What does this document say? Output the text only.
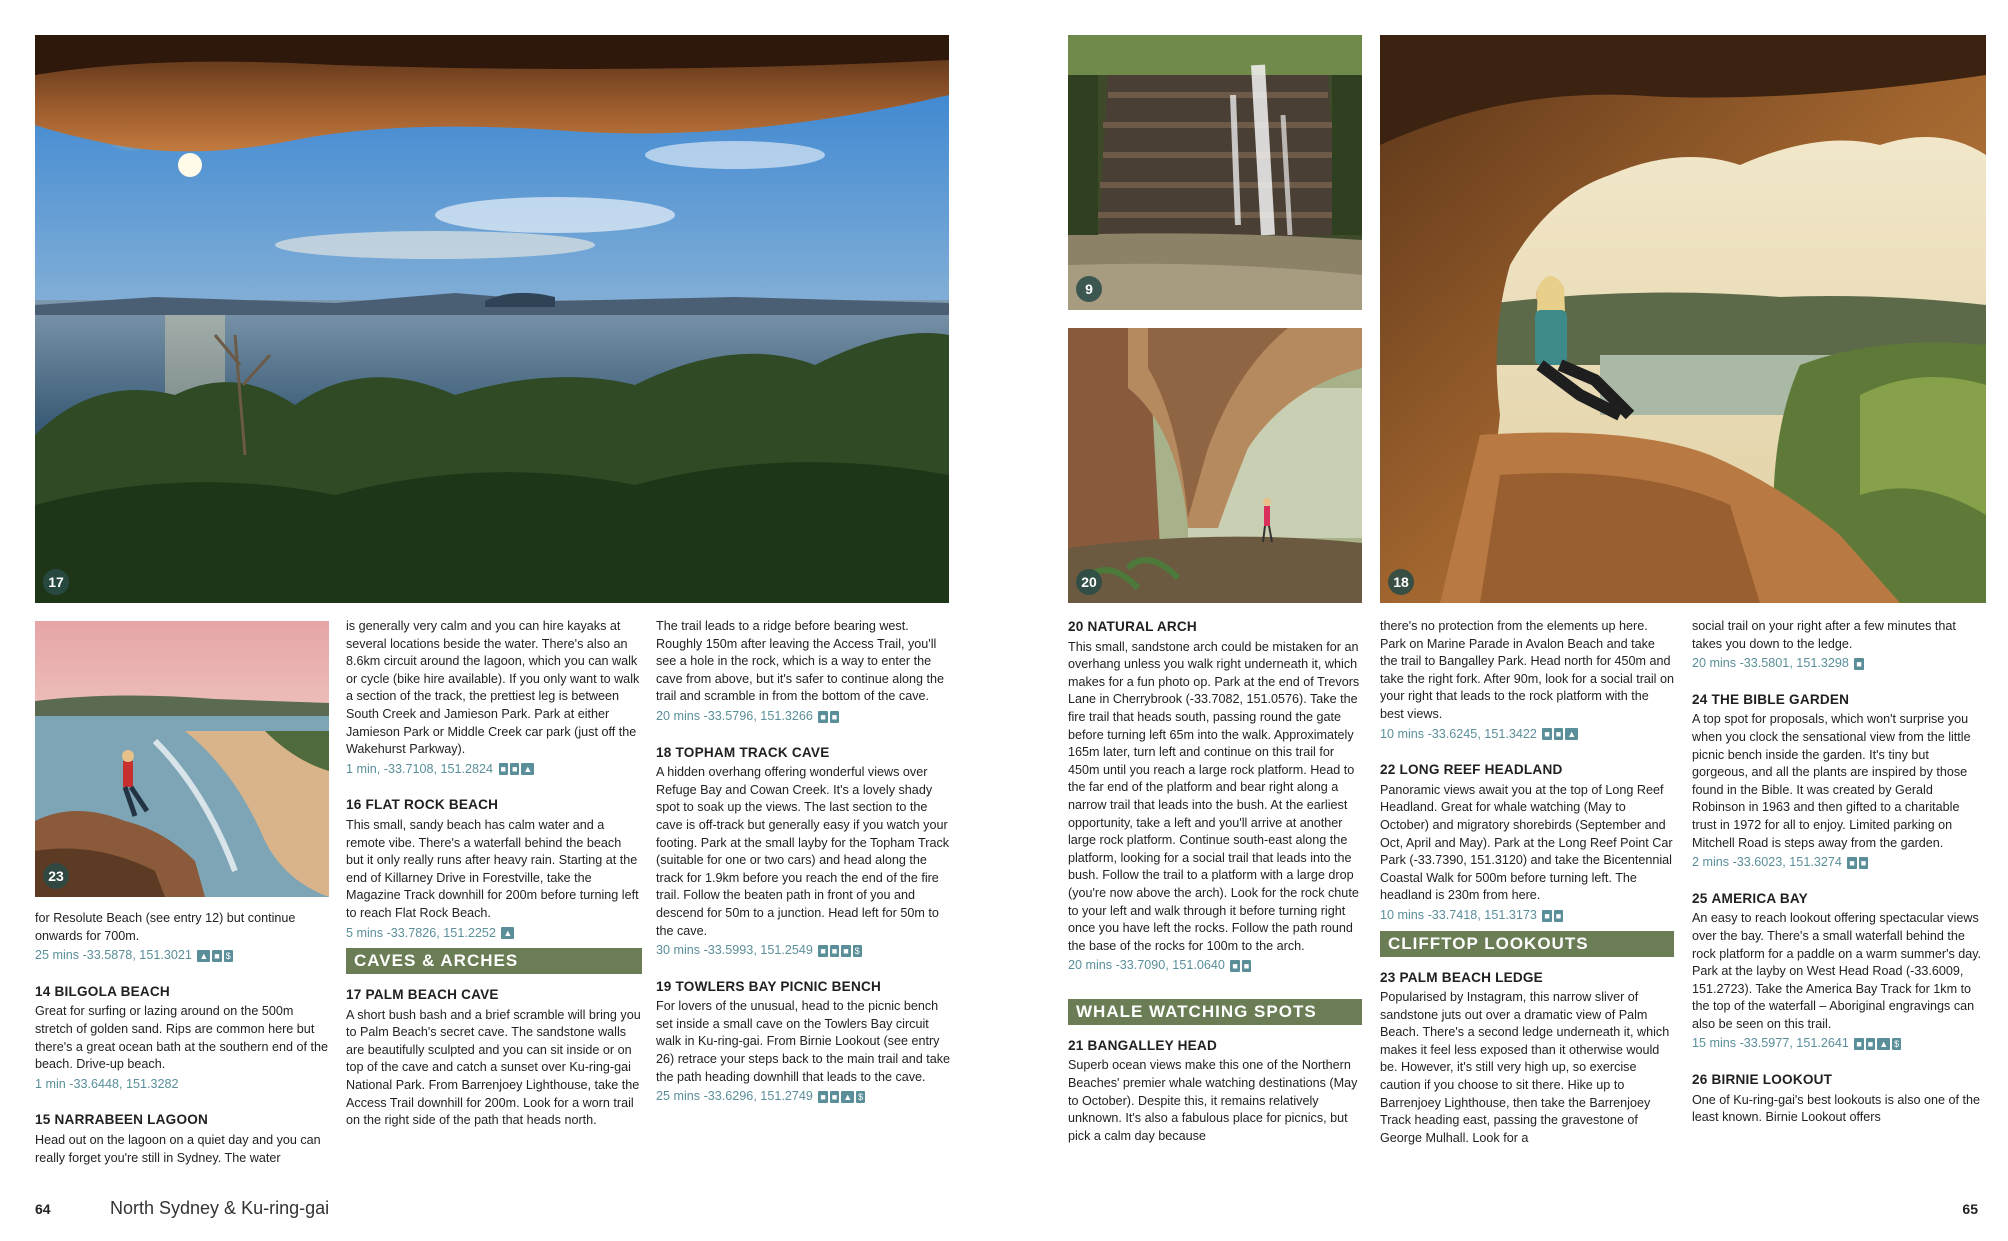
17
23

for Resolute Beach (see entry 12) but continue onwards for 700m.

25 mins -33.5878, 151.3021 ▲ ■ $
14 BILGOLA BEACH

Great for surfing or lazing around on the 500m stretch of golden sand. Rips are common here but there's a great ocean bath at the southern end of the beach. Drive-up beach.

1 min -33.6448, 151.3282
15 NARRABEEN LAGOON

Head out on the lagoon on a quiet day and you can really forget you're still in Sydney. The water

is generally very calm and you can hire kayaks at several locations beside the water. There's also an 8.6km circuit around the lagoon, which you can walk or cycle (bike hire available). If you only want to walk a section of the track, the prettiest leg is between South Creek and Jamieson Park. Park at either Jamieson Park or Middle Creek car park (just off the Wakehurst Parkway).

1 min, -33.7108, 151.2824 ■ ■ ▲
16 FLAT ROCK BEACH

This small, sandy beach has calm water and a remote vibe. There's a waterfall behind the beach but it only really runs after heavy rain. Starting at the end of Killarney Drive in Forestville, take the Magazine Track downhill for 200m before turning left to reach Flat Rock Beach.

5 mins -33.7826, 151.2252 ▲
CAVES & ARCHES
17 PALM BEACH CAVE

A short bush bash and a brief scramble will bring you to Palm Beach's secret cave. The sandstone walls are beautifully sculpted and you can sit inside or on top of the cave and catch a sunset over Ku-ring-gai National Park. From Barrenjoey Lighthouse, take the Access Trail downhill for 200m. Look for a worn trail on the right side of the path that heads north.

The trail leads to a ridge before bearing west. Roughly 150m after leaving the Access Trail, you'll see a hole in the rock, which is a way to enter the cave from above, but it's safer to continue along the trail and scramble in from the bottom of the cave.

20 mins -33.5796, 151.3266 ■ ■
18 TOPHAM TRACK CAVE

A hidden overhang offering wonderful views over Refuge Bay and Cowan Creek. It's a lovely shady spot to soak up the views. The last section to the cave is off-track but generally easy if you watch your footing. Park at the small layby for the Topham Track (suitable for one or two cars) and head along the track for 1.9km before you reach the end of the fire trail. Follow the beaten path in front of you and descend for 50m to a junction. Head left for 50m to the cave.

30 mins -33.5993, 151.2549 ■ ■ ■ $
19 TOWLERS BAY PICNIC BENCH

For lovers of the unusual, head to the picnic bench set inside a small cave on the Towlers Bay circuit walk in Ku-ring-gai. From Birnie Lookout (see entry 26) retrace your steps back to the main trail and take the path heading downhill that leads to the cave.

25 mins -33.6296, 151.2749 ■ ■ ▲ $
64	North Sydney & Ku-ring-gai
9
20	18
20 NATURAL ARCH

This small, sandstone arch could be mistaken for an overhang unless you walk right underneath it, which makes for a fun photo op. Park at the end of Trevors Lane in Cherrybrook (-33.7082, 151.0576). Take the fire trail that heads south, passing round the gate before turning left 65m into the walk. Approximately 165m later, turn left and continue on this trail for 450m until you reach a large rock platform. Head to the far end of the platform and bear right along a narrow trail that leads into the bush. At the earliest opportunity, take a left and you'll arrive at another large rock platform. Continue south-east along the platform, looking for a social trail that leads into the bush. Follow the trail to a platform with a large drop (you're now above the arch). Look for the rock chute to your left and walk through it before turning right once you have left the rocks. Follow the path round the base of the rocks for 100m to the arch.

20 mins -33.7090, 151.0640 ■ ■
WHALE WATCHING SPOTS
21 BANGALLEY HEAD

Superb ocean views make this one of the Northern Beaches' premier whale watching destinations (May to October). Despite this, it remains relatively unknown. It's also a fabulous place for picnics, but pick a calm day because

there's no protection from the elements up here. Park on Marine Parade in Avalon Beach and take the trail to Bangalley Park. Head north for 450m and take the right fork. After 90m, look for a social trail on your right that leads to the rock platform with the best views.

10 mins -33.6245, 151.3422 ■ ■ ▲
22 LONG REEF HEADLAND

Panoramic views await you at the top of Long Reef Headland. Great for whale watching (May to October) and migratory shorebirds (September and Oct, April and May). Park at the Long Reef Point Car Park (-33.7390, 151.3120) and take the Bicentennial Coastal Walk for 500m before turning left. The headland is 230m from here.

10 mins -33.7418, 151.3173 ■ ■
CLIFFTOP LOOKOUTS
23 PALM BEACH LEDGE

Popularised by Instagram, this narrow sliver of sandstone juts out over a dramatic view of Palm Beach. There's a second ledge underneath it, which makes it feel less exposed than it otherwise would be. However, it's still very high up, so exercise caution if you choose to sit there. Hike up to Barrenjoey Lighthouse, then take the Barrenjoey Track heading east, passing the gravestone of George Mulhall. Look for a

social trail on your right after a few minutes that takes you down to the ledge.

20 mins -33.5801, 151.3298 ■
24 THE BIBLE GARDEN

A top spot for proposals, which won't surprise you when you clock the sensational view from the little picnic bench inside the garden. It's tiny but gorgeous, and all the plants are inspired by those found in the Bible. It was created by Gerald Robinson in 1963 and then gifted to a charitable trust in 1972 for all to enjoy. Limited parking on Mitchell Road is steps away from the garden.

2 mins -33.6023, 151.3274 ■ ■
25 AMERICA BAY

An easy to reach lookout offering spectacular views over the bay. There's a small waterfall behind the rock platform for a paddle on a warm summer's day. Park at the layby on West Head Road (-33.6009, 151.2723). Take the America Bay Track for 1km to the top of the waterfall – Aboriginal engravings can also be seen on this trail.

15 mins -33.5977, 151.2641 ■ ■ ▲ $
26 BIRNIE LOOKOUT

One of Ku-ring-gai's best lookouts is also one of the least known. Birnie Lookout offers

65
